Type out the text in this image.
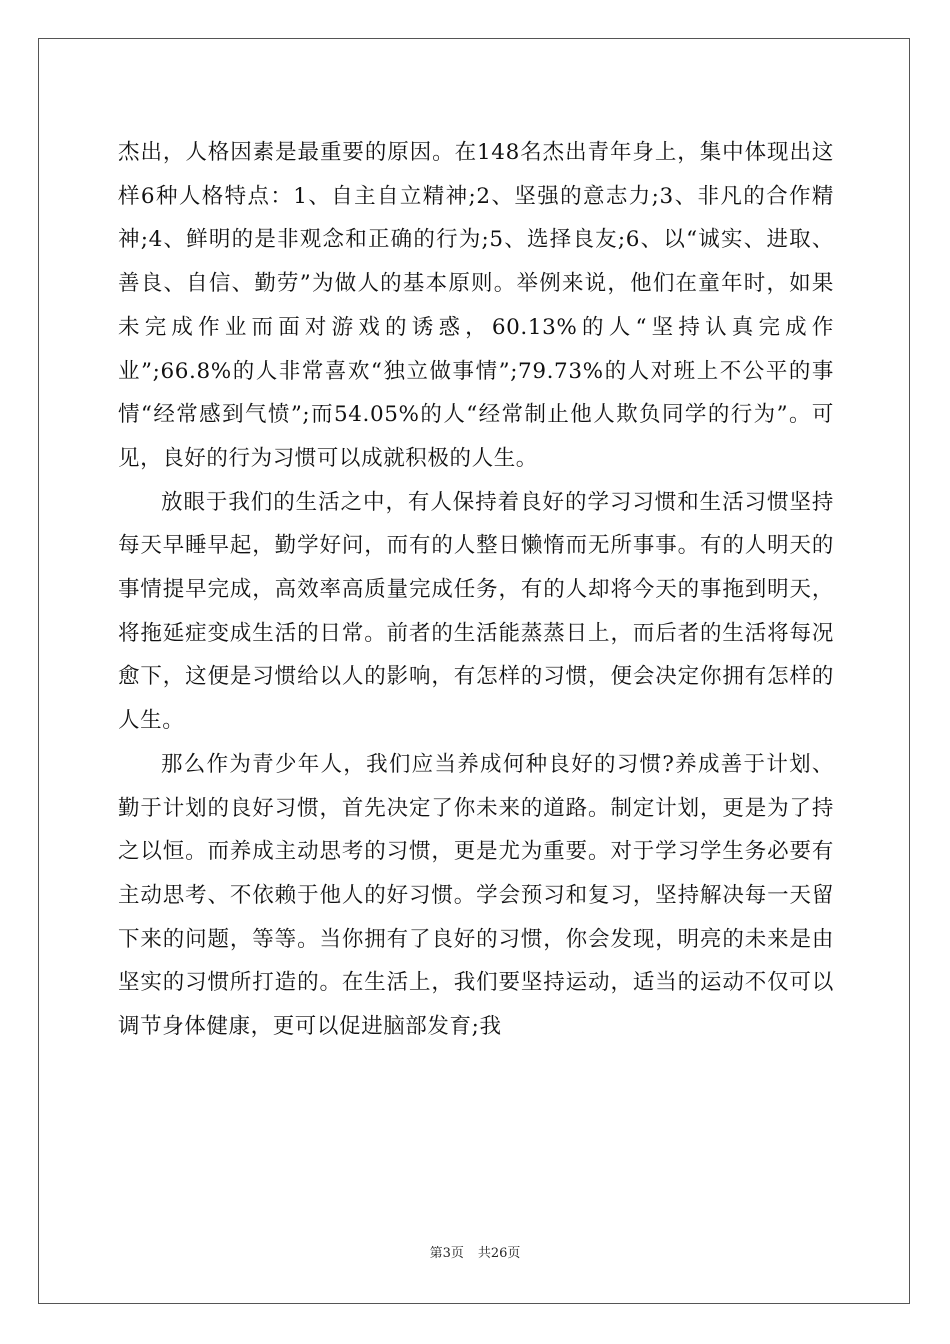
杰出，人格因素是最重要的原因。在148名杰出青年身上，集中体现出这样6种人格特点：1、自主自立精神;2、坚强的意志力;3、非凡的合作精神;4、鲜明的是非观念和正确的行为;5、选择良友;6、以“诚实、进取、善良、自信、勤劳”为做人的基本原则。举例来说，他们在童年时，如果未完成作业而面对游戏的诱惑，60.13%的人“坚持认真完成作业”;66.8%的人非常喜欢“独立做事情”;79.73%的人对班上不公平的事情“经常感到气愤”;而54.05%的人“经常制止他人欺负同学的行为”。可见，良好的行为习惯可以成就积极的人生。

放眼于我们的生活之中，有人保持着良好的学习习惯和生活习惯坚持每天早睡早起，勤学好问，而有的人整日懒惰而无所事事。有的人明天的事情提早完成，高效率高质量完成任务，有的人却将今天的事拖到明天，将拖延症变成生活的日常。前者的生活能蒸蒸日上，而后者的生活将每况愈下，这便是习惯给以人的影响，有怎样的习惯，便会决定你拥有怎样的人生。

那么作为青少年人，我们应当养成何种良好的习惯?养成善于计划、勤于计划的良好习惯，首先决定了你未来的道路。制定计划，更是为了持之以恒。而养成主动思考的习惯，更是尤为重要。对于学习学生务必要有主动思考、不依赖于他人的好习惯。学会预习和复习，坚持解决每一天留下来的问题，等等。当你拥有了良好的习惯，你会发现，明亮的未来是由坚实的习惯所打造的。在生活上，我们要坚持运动，适当的运动不仅可以调节身体健康，更可以促进脑部发育;我

第3页 共26页
